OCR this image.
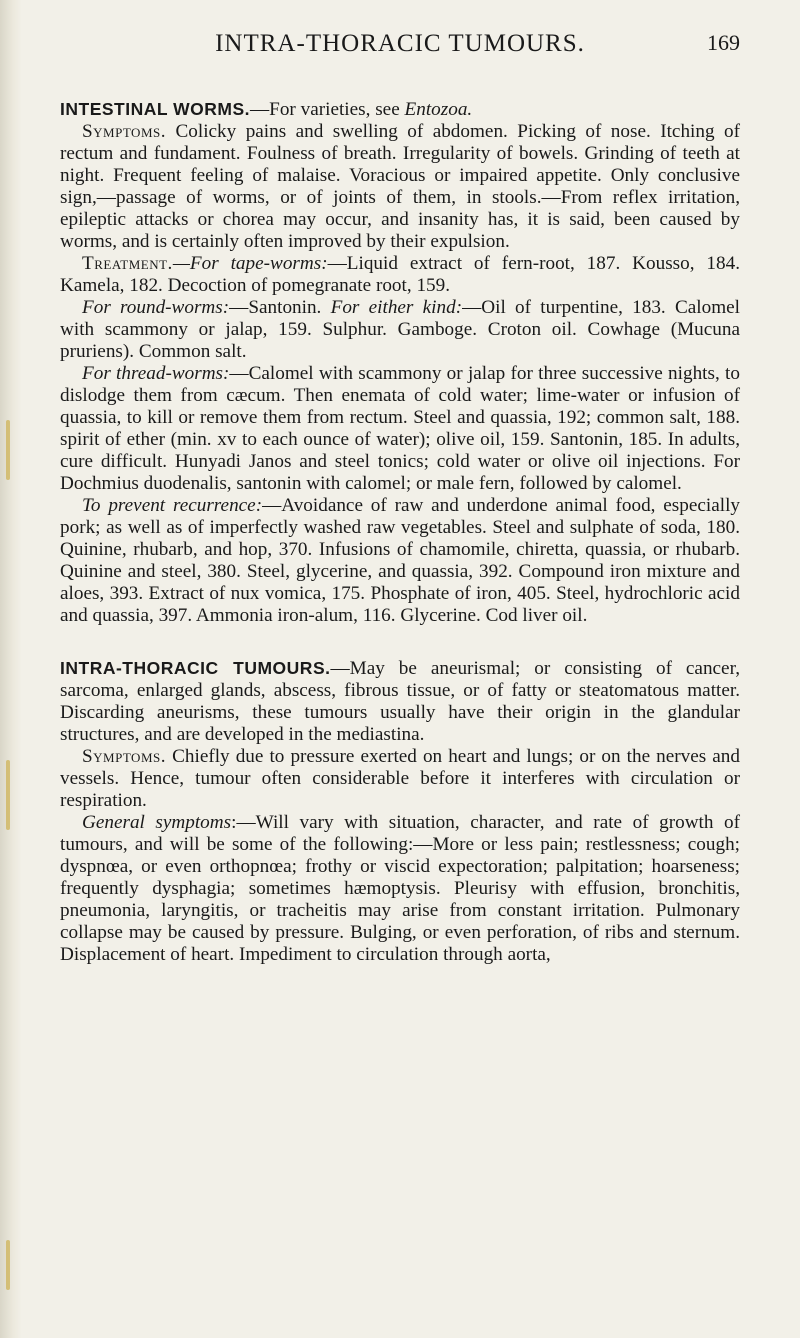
INTRA-THORACIC TUMOURS.	169

INTESTINAL WORMS.—For varieties, see Entozoa.

Symptoms. Colicky pains and swelling of abdomen. Picking of nose. Itching of rectum and fundament. Foulness of breath. Irregularity of bowels. Grinding of teeth at night. Frequent feeling of malaise. Voracious or impaired appetite. Only conclusive sign,—passage of worms, or of joints of them, in stools.—From reflex irritation, epileptic attacks or chorea may occur, and insanity has, it is said, been caused by worms, and is certainly often improved by their expulsion.

Treatment.—For tape-worms:—Liquid extract of fern-root, 187. Kousso, 184. Kamela, 182. Decoction of pomegranate root, 159.

For round-worms:—Santonin. For either kind:—Oil of turpentine, 183. Calomel with scammony or jalap, 159. Sulphur. Gamboge. Croton oil. Cowhage (Mucuna pruriens). Common salt.

For thread-worms:—Calomel with scammony or jalap for three successive nights, to dislodge them from cæcum. Then enemata of cold water; lime-water or infusion of quassia, to kill or remove them from rectum. Steel and quassia, 192; common salt, 188. spirit of ether (min. xv to each ounce of water); olive oil, 159. Santonin, 185. In adults, cure difficult. Hunyadi Janos and steel tonics; cold water or olive oil injections. For Dochmius duodenalis, santonin with calomel; or male fern, followed by calomel.

To prevent recurrence:—Avoidance of raw and underdone animal food, especially pork; as well as of imperfectly washed raw vegetables. Steel and sulphate of soda, 180. Quinine, rhubarb, and hop, 370. Infusions of chamomile, chiretta, quassia, or rhubarb. Quinine and steel, 380. Steel, glycerine, and quassia, 392. Compound iron mixture and aloes, 393. Extract of nux vomica, 175. Phosphate of iron, 405. Steel, hydrochloric acid and quassia, 397. Ammonia iron-alum, 116. Glycerine. Cod liver oil.

INTRA-THORACIC TUMOURS.—May be aneurismal; or consisting of cancer, sarcoma, enlarged glands, abscess, fibrous tissue, or of fatty or steatomatous matter. Discarding aneurisms, these tumours usually have their origin in the glandular structures, and are developed in the mediastina.

Symptoms. Chiefly due to pressure exerted on heart and lungs; or on the nerves and vessels. Hence, tumour often considerable before it interferes with circulation or respiration.

General symptoms:—Will vary with situation, character, and rate of growth of tumours, and will be some of the following:—More or less pain; restlessness; cough; dyspnœa, or even orthopnœa; frothy or viscid expectoration; palpitation; hoarseness; frequently dysphagia; sometimes hæmoptysis. Pleurisy with effusion, bronchitis, pneumonia, laryngitis, or tracheitis may arise from constant irritation. Pulmonary collapse may be caused by pressure. Bulging, or even perforation, of ribs and sternum. Displacement of heart. Impediment to circulation through aorta,
